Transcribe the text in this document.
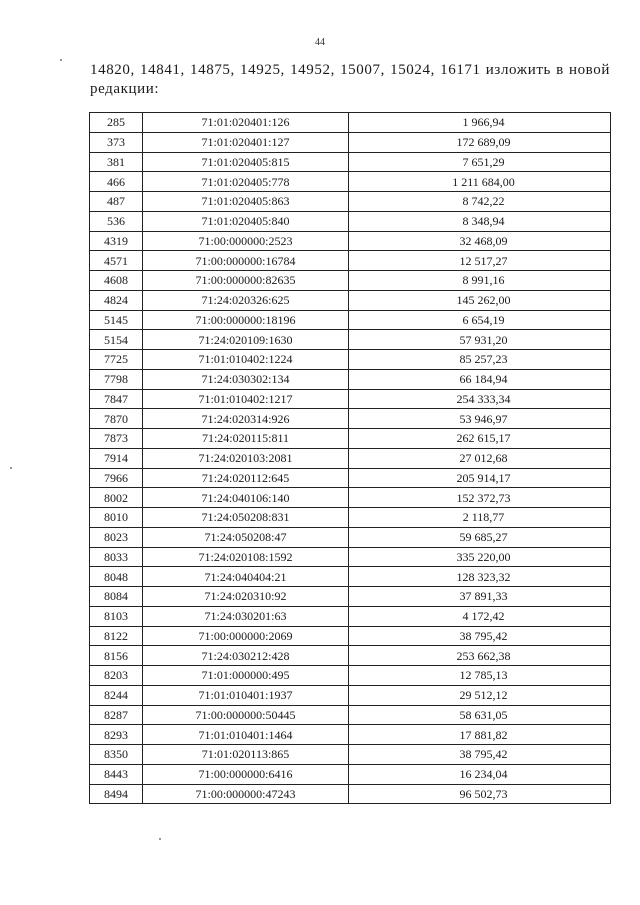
44

14820, 14841, 14875, 14925, 14952, 15007, 15024, 16171 изложить в новой редакции:

285	71:01:020401:126	1 966,94
373	71:01:020401:127	172 689,09
381	71:01:020405:815	7 651,29
466	71:01:020405:778	1 211 684,00
487	71:01:020405:863	8 742,22
536	71:01:020405:840	8 348,94
4319	71:00:000000:2523	32 468,09
4571	71:00:000000:16784	12 517,27
4608	71:00:000000:82635	8 991,16
4824	71:24:020326:625	145 262,00
5145	71:00:000000:18196	6 654,19
5154	71:24:020109:1630	57 931,20
7725	71:01:010402:1224	85 257,23
7798	71:24:030302:134	66 184,94
7847	71:01:010402:1217	254 333,34
7870	71:24:020314:926	53 946,97
7873	71:24:020115:811	262 615,17
7914	71:24:020103:2081	27 012,68
7966	71:24:020112:645	205 914,17
8002	71:24:040106:140	152 372,73
8010	71:24:050208:831	2 118,77
8023	71:24:050208:47	59 685,27
8033	71:24:020108:1592	335 220,00
8048	71:24:040404:21	128 323,32
8084	71:24:020310:92	37 891,33
8103	71:24:030201:63	4 172,42
8122	71:00:000000:2069	38 795,42
8156	71:24:030212:428	253 662,38
8203	71:01:000000:495	12 785,13
8244	71:01:010401:1937	29 512,12
8287	71:00:000000:50445	58 631,05
8293	71:01:010401:1464	17 881,82
8350	71:01:020113:865	38 795,42
8443	71:00:000000:6416	16 234,04
8494	71:00:000000:47243	96 502,73
